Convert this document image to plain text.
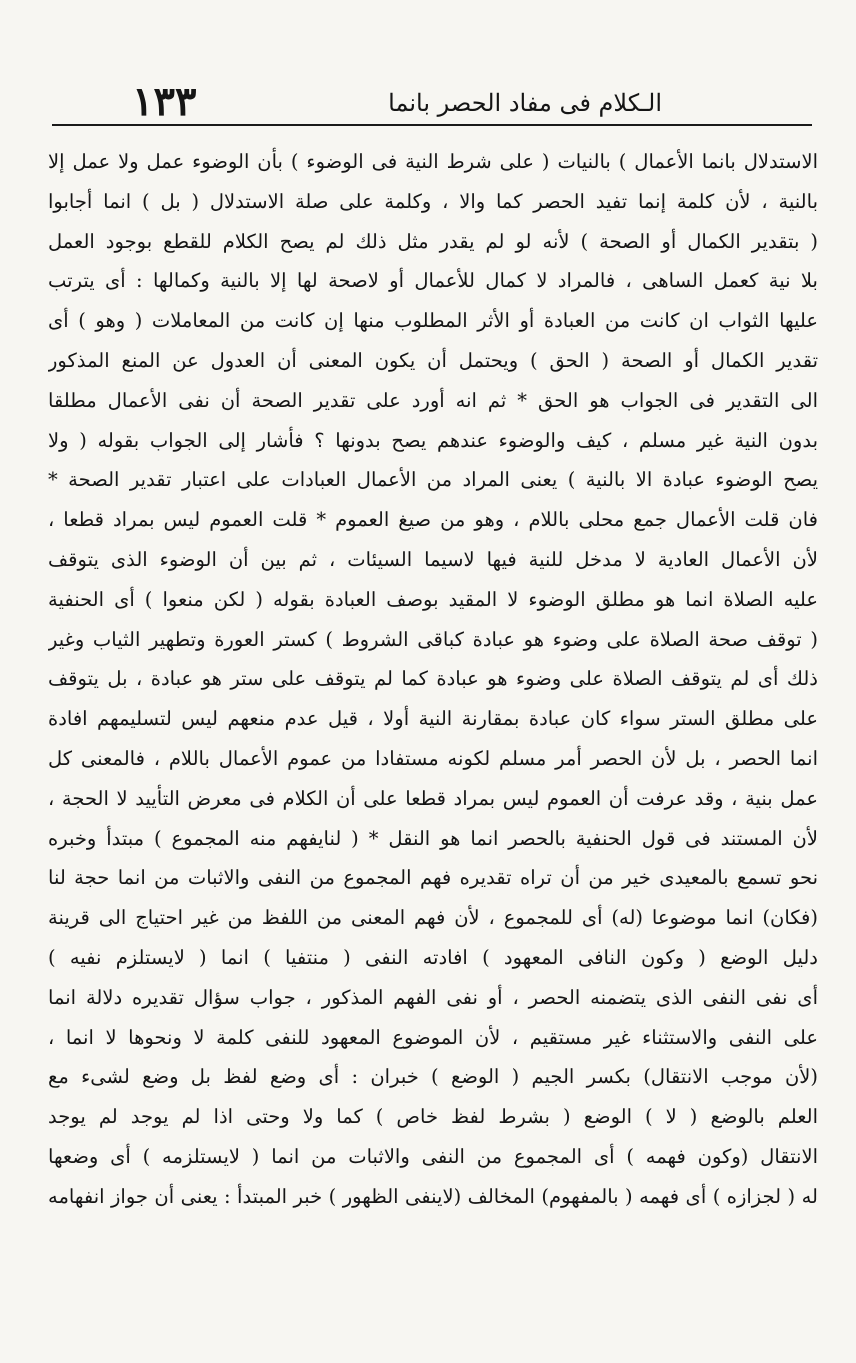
١٣٣	الـكلام فى مفاد الحصر بانما
الاستدلال بانما الأعمال ) بالنيات ( على شرط النية فى الوضوء ) بأن الوضوء عمل ولا عمل إلا
بالنية ، لأن كلمة إنما تفيد الحصر كما والا ، وكلمة على صلة الاستدلال ( بل ) انما أجابوا
( بتقدير الكمال أو الصحة ) لأنه لو لم يقدر مثل ذلك لم يصح الكلام للقطع بوجود العمل
بلا نية كعمل الساهى ، فالمراد لا كمال للأعمال أو لاصحة لها إلا بالنية وكمالها : أى يترتب
عليها الثواب ان كانت من العبادة أو الأثر المطلوب منها إن كانت من المعاملات ( وهو ) أى
تقدير الكمال أو الصحة ( الحق ) ويحتمل أن يكون المعنى أن العدول عن المنع المذكور
الى التقدير فى الجواب هو الحق * ثم انه أورد على تقدير الصحة أن نفى الأعمال مطلقا
بدون النية غير مسلم ، كيف والوضوء عندهم يصح بدونها ؟ فأشار إلى الجواب بقوله ( ولا
يصح الوضوء عبادة الا بالنية ) يعنى المراد من الأعمال العبادات على اعتبار تقدير الصحة *
فان قلت الأعمال جمع محلى باللام ، وهو من صيغ العموم * قلت العموم ليس بمراد قطعا ،
لأن الأعمال العادية لا مدخل للنية فيها لاسيما السيئات ، ثم بين أن الوضوء الذى يتوقف
عليه الصلاة انما هو مطلق الوضوء لا المقيد بوصف العبادة بقوله ( لكن منعوا ) أى الحنفية
( توقف صحة الصلاة على وضوء هو عبادة كباقى الشروط ) كستر العورة وتطهير الثياب وغير
ذلك أى لم يتوقف الصلاة على وضوء هو عبادة كما لم يتوقف على ستر هو عبادة ، بل يتوقف
على مطلق الستر سواء كان عبادة بمقارنة النية أولا ، قيل عدم منعهم ليس لتسليمهم افادة
انما الحصر ، بل لأن الحصر أمر مسلم لكونه مستفادا من عموم الأعمال باللام ، فالمعنى كل
عمل بنية ، وقد عرفت أن العموم ليس بمراد قطعا على أن الكلام فى معرض التأييد لا الحجة ،
لأن المستند فى قول الحنفية بالحصر انما هو النقل * ( لنايفهم منه المجموع ) مبتدأ وخبره
نحو تسمع بالمعيدى خير من أن تراه تقديره فهم المجموع من النفى والاثبات من انما حجة لنا
(فكان) انما موضوعا (له) أى للمجموع ، لأن فهم المعنى من اللفظ من غير احتياج الى قرينة
دليل الوضع ( وكون النافى المعهود ) افادته النفى ( منتفيا ) انما ( لايستلزم نفيه )
أى نفى النفى الذى يتضمنه الحصر ، أو نفى الفهم المذكور ، جواب سؤال تقديره دلالة انما
على النفى والاستثناء غير مستقيم ، لأن الموضوع المعهود للنفى كلمة لا ونحوها لا انما ،
(لأن موجب الانتقال) بكسر الجيم ( الوضع ) خبران : أى وضع لفظ بل وضع لشىء مع
العلم بالوضع ( لا ) الوضع ( بشرط لفظ خاص ) كما ولا وحتى اذا لم يوجد لم يوجد
الانتقال (وكون فهمه ) أى المجموع من النفى والاثبات من انما ( لايستلزمه ) أى وضعها
له ( لجزازه ) أى فهمه ( بالمفهوم) المخالف (لاينفى الظهور ) خبر المبتدأ : يعنى أن جواز انفهامه
